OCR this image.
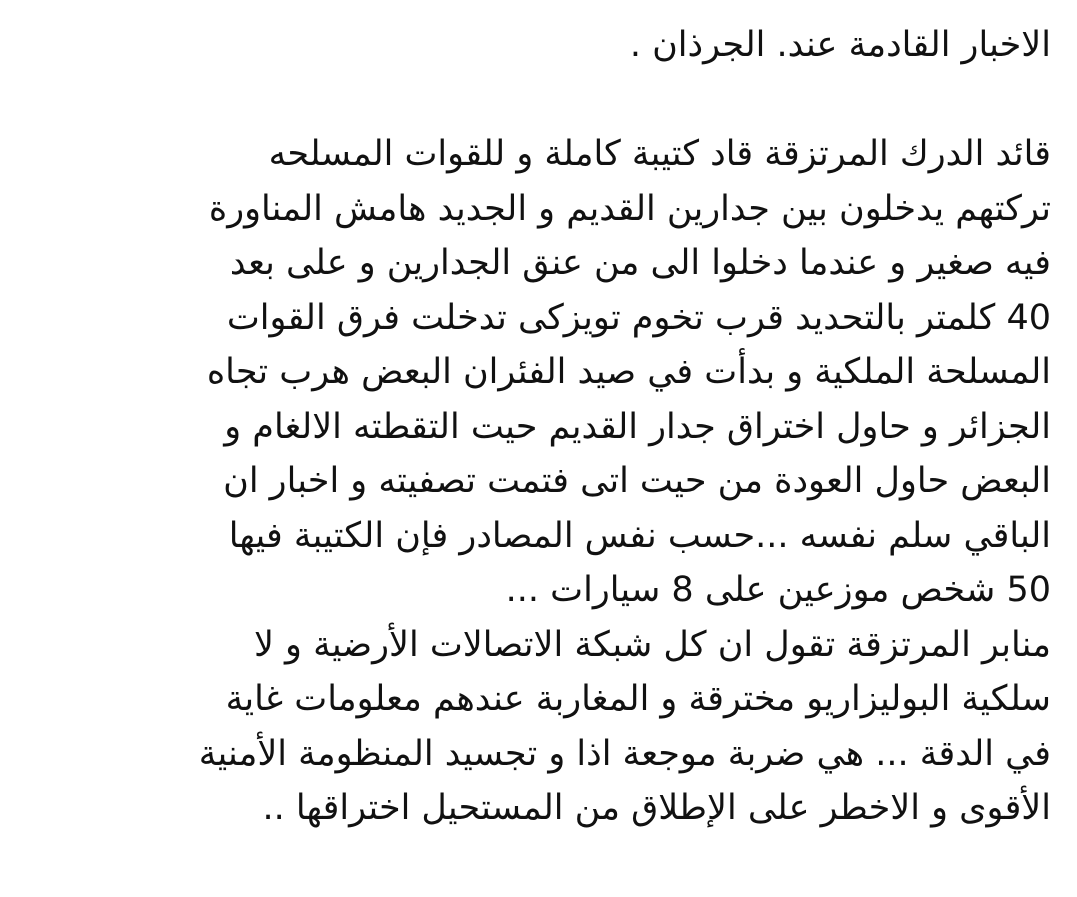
الاخبار القادمة عند. الجرذان .
قائد الدرك المرتزقة قاد كتيبة كاملة و للقوات المسلحه
تركتهم يدخلون بين جدارين القديم و الجديد هامش المناورة
فيه صغير و عندما دخلوا الى من عنق الجدارين و على بعد
40 كلمتر بالتحديد قرب تخوم تويزكى تدخلت فرق القوات
المسلحة الملكية و بدأت في صيد الفئران البعض هرب تجاه
الجزائر و حاول اختراق جدار القديم حيت التقطته الالغام و
البعض حاول العودة من حيت اتى فتمت تصفيته و اخبار ان
الباقي سلم نفسه ...حسب نفس المصادر فإن الكتيبة فيها
50 شخص موزعين على 8 سيارات ...
منابر المرتزقة تقول ان كل شبكة الاتصالات الأرضية و لا
سلكية البوليزاريو مخترقة و المغاربة عندهم معلومات غاية
في الدقة ... هي ضربة موجعة اذا و تجسيد المنظومة الأمنية
الأقوى و الاخطر على الإطلاق من المستحيل اختراقها ..
